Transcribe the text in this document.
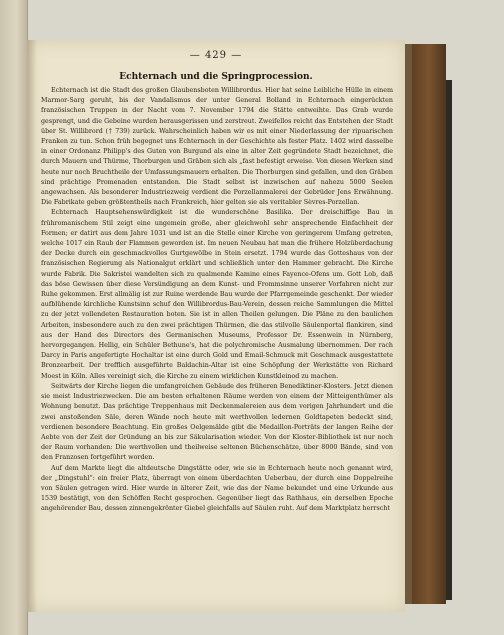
— 429 —
Echternach und die Springprocession.

Echternach ist die Stadt des großen Glaubensboten Willibrordus. Hier hat seine Leibliche Hülle in einem Marmor-Sarg geruht, bis der Vandalismus der unter General Bolland in Echternach eingerückten französischen Truppen in der Nacht vom 7. November 1794 die Stätte entweihte. Das Grab wurde gesprengt, und die Gebeine wurden herausgerissen und zerstreut. Zweifellos reicht das Entstehen der Stadt über St. Willibrord († 739) zurück. Wahrscheinlich haben wir es mit einer Niederlassung der ripuarischen Franken zu tun. Schon früh begegnet uns Echternach in der Geschichte als fester Platz. 1402 wird dasselbe in einer Ordonanz Philipp's des Guten von Burgund als eine in alter Zeit gegründete Stadt bezeichnet, die durch Mauern und Thürme, Thorburgen und Gräben sich als „fast befestigt erweise. Von diesen Werken sind heute nur noch Bruchtheile der Umfassungsmauern erhalten. Die Thorburgen sind gefallen, und den Gräben sind prächtige Promenaden entstanden. Die Stadt selbst ist inzwischen auf nahezu 5000 Seelen angewachsen. Als besonderer Industriezweig verdient die Porzellanmalerei der Gebrüder Jens Erwähnung. Die Fabrikate geben größtentheils nach Frankreich, hier gelten sie als veritabler Sèvres-Porzellan.

Echternach Hauptsehenswürdigkeit ist die wunderschöne Basilika. Der dreischiffige Bau in frühromanischem Stil zeigt eine ungemein große, aber gleichwohl sehr ansprechende Einfachheit der Formen; er datirt aus dem Jahre 1031 und ist an die Stelle einer Kirche von geringerem Umfang getreten, welche 1017 ein Raub der Flammen geworden ist. Im neuen Neubau hat man die frühere Holzüberdachung der Decke durch ein geschmackvolles Gurtgewölbe in Stein ersetzt. 1794 wurde das Gotteshaus von der französischen Regierung als Nationalgut erklärt und schließlich unter den Hammer gebracht. Die Kirche wurde Fabrik. Die Sakristei wandelten sich zu qualmende Kamine eines Fayence-Ofens um. Gott Lob, daß das böse Gewissen über diese Versündigung an dem Kunst- und Frommsinne unserer Vorfahren nicht zur Ruhe gekommen. Erst allmälig ist zur Ruine werdende Bau wurde der Pfarrgemeinde geschenkt. Der wieder aufblühende kirchliche Kunstsinn schuf den Willibrordus-Bau-Verein, dessen reiche Sammlungen die Mittel zu der jetzt vollendeten Restauration boten. Sie ist in allen Theilen gelungen. Die Pläne zu den baulichen Arbeiten, insbesondere auch zu den zwei prächtigen Thürmen, die das stilvolle Säulenportal flankiren, sind aus der Hand des Directors des Germanischen Museums, Professor Dr. Essenwein in Nürnberg, hervorgegangen. Hellig, ein Schüler Bethune's, hat die polychromische Ausmalung übernommen. Der rach Darcy in Paris angefertigte Hochaltar ist eine durch Gold und Email-Schmuck mit Geschmack ausgestattete Bronzearbeit. Der trefflich ausgeführte Baldachin-Altar ist eine Schöpfung der Werkstätte von Richard Moest in Köln. Alles vereinigt sich, die Kirche zu einem wirklichen Kunstkleinod zu machen.

Seitwärts der Kirche liegen die umfangreichen Gebäude des früheren Benediktiner-Klosters. Jetzt dienen sie meist Industriezwecken. Die am besten erhaltenen Räume werden von einem der Mitteigenthümer als Wohnung benutzt. Das prächtige Treppenhaus mit Deckenmalereien aus dem vorigen Jahrhundert und die zwei anstoßenden Säle, deren Wände noch heute mit werthvollen ledernen Goldtapeten bedeckt sind, verdienen besondere Beachtung. Ein großes Oelgemälde gibt die Medaillon-Porträts der langen Reihe der Aebte von der Zeit der Gründung an bis zur Säkularisation wieder. Von der Kloster-Bibliothek ist nur noch der Raum vorhanden: Die werthvollen und theilweise seltenen Büchenschätze, über 8000 Bände, sind von den Franzosen fortgeführt worden.

Auf dem Markte liegt die altdeutsche Dingstätte oder, wie sie in Echternach heute noch genannt wird, der „Dingstuhl“: ein freier Platz, überragt von einem überdachten Ueberbau, der durch eine Doppelreihe von Säulen getragen wird. Hier wurde in älterer Zeit, wie das der Name bekundet und eine Urkunde aus 1539 bestätigt, von den Schöffen Recht gesprochen. Gegenüber liegt das Rathhaus, ein derselben Epoche angehörender Bau, dessen zinnengekrönter Giebel gleichfalls auf Säulen ruht. Auf dem Marktplatz herrscht
